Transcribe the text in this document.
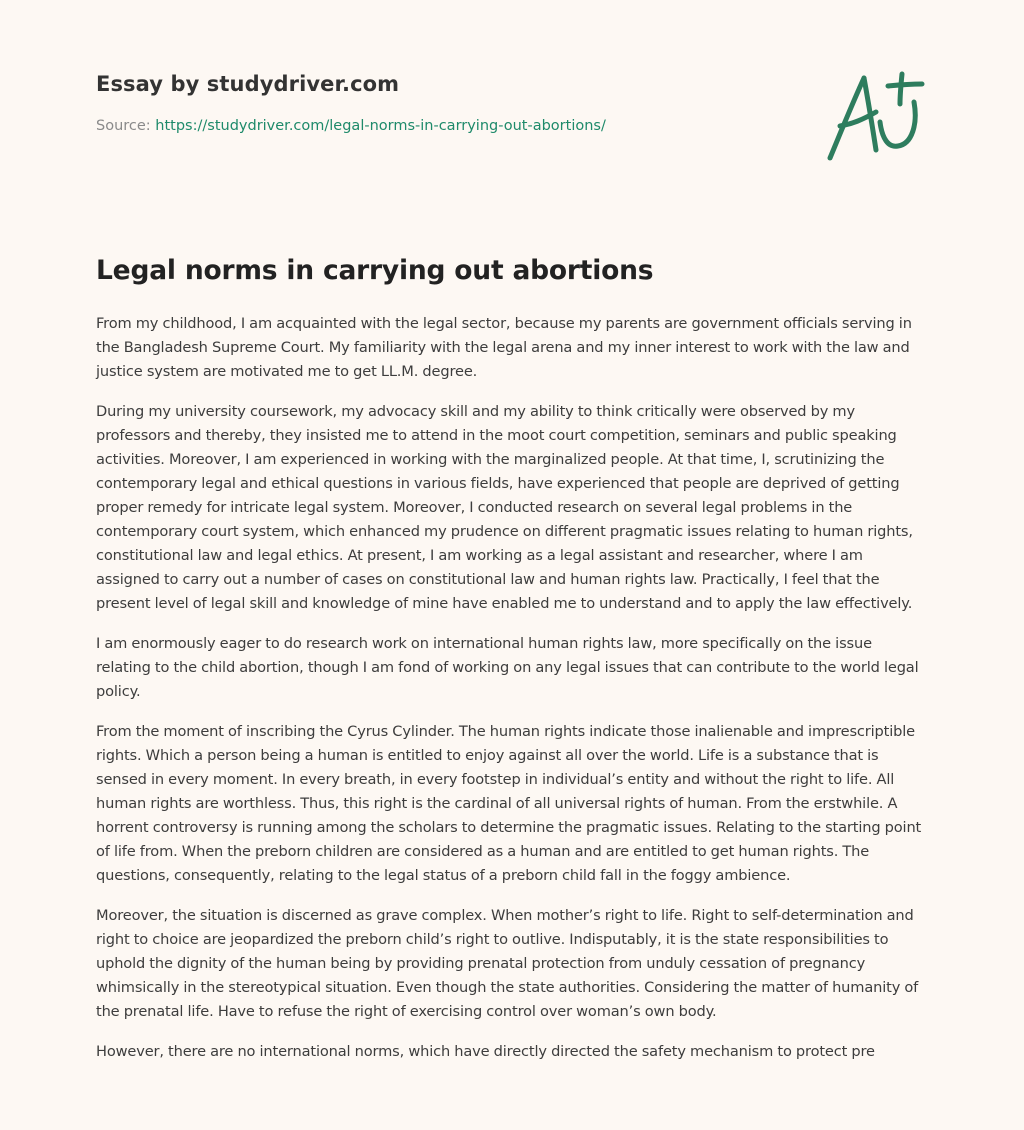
Essay by studydriver.com
Source: https://studydriver.com/legal-norms-in-carrying-out-abortions/
Legal norms in carrying out abortions

From my childhood, I am acquainted with the legal sector, because my parents are government officials serving in the Bangladesh Supreme Court. My familiarity with the legal arena and my inner interest to work with the law and justice system are motivated me to get LL.M. degree.

During my university coursework, my advocacy skill and my ability to think critically were observed by my professors and thereby, they insisted me to attend in the moot court competition, seminars and public speaking activities. Moreover, I am experienced in working with the marginalized people. At that time, I, scrutinizing the contemporary legal and ethical questions in various fields, have experienced that people are deprived of getting proper remedy for intricate legal system. Moreover, I conducted research on several legal problems in the contemporary court system, which enhanced my prudence on different pragmatic issues relating to human rights, constitutional law and legal ethics. At present, I am working as a legal assistant and researcher, where I am assigned to carry out a number of cases on constitutional law and human rights law. Practically, I feel that the present level of legal skill and knowledge of mine have enabled me to understand and to apply the law effectively.

I am enormously eager to do research work on international human rights law, more specifically on the issue relating to the child abortion, though I am fond of working on any legal issues that can contribute to the world legal policy.

From the moment of inscribing the Cyrus Cylinder. The human rights indicate those inalienable and imprescriptible rights. Which a person being a human is entitled to enjoy against all over the world. Life is a substance that is sensed in every moment. In every breath, in every footstep in individual’s entity and without the right to life. All human rights are worthless. Thus, this right is the cardinal of all universal rights of human. From the erstwhile. A horrent controversy is running among the scholars to determine the pragmatic issues. Relating to the starting point of life from. When the preborn children are considered as a human and are entitled to get human rights. The questions, consequently, relating to the legal status of a preborn child fall in the foggy ambience.

Moreover, the situation is discerned as grave complex. When mother’s right to life. Right to self-determination and right to choice are jeopardized the preborn child’s right to outlive. Indisputably, it is the state responsibilities to uphold the dignity of the human being by providing prenatal protection from unduly cessation of pregnancy whimsically in the stereotypical situation. Even though the state authorities. Considering the matter of humanity of the prenatal life. Have to refuse the right of exercising control over woman’s own body.

However, there are no international norms, which have directly directed the safety mechanism to protect pre
